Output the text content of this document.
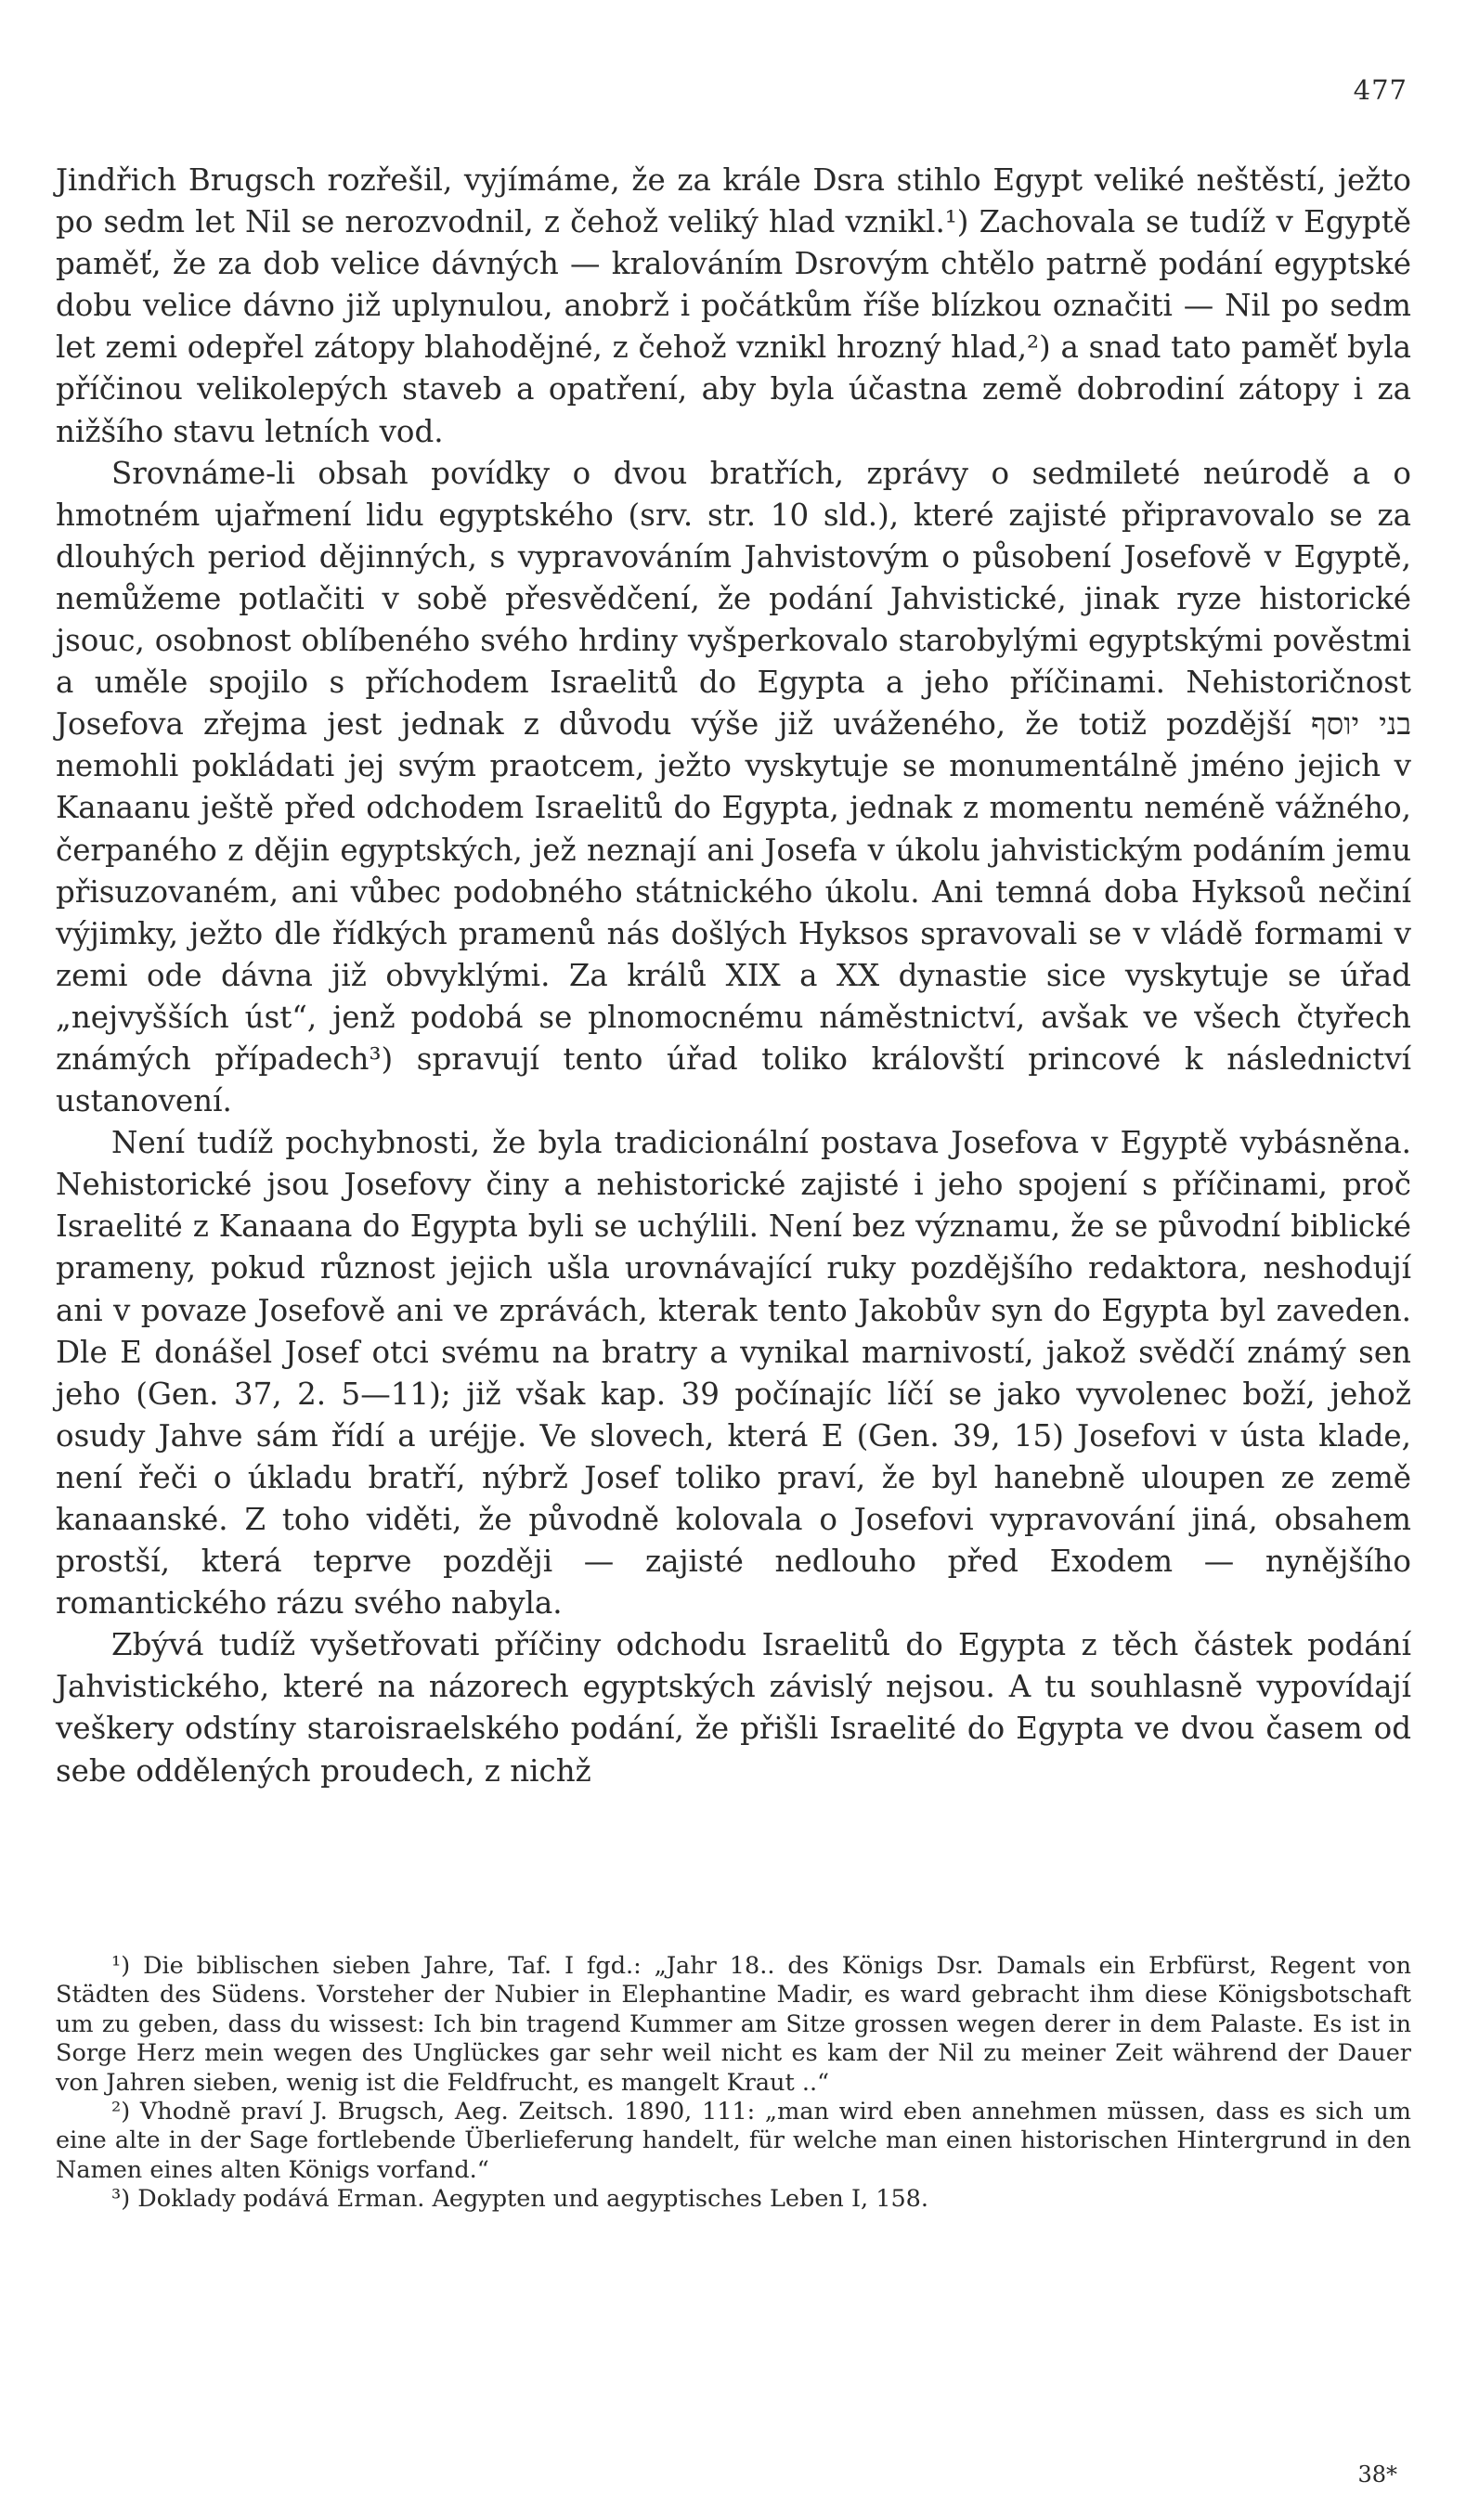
477

Jindřich Brugsch rozřešil, vyjímáme, že za krále Dsra stihlo Egypt veliké neštěstí, ježto po sedm let Nil se nerozvodnil, z čehož veliký hlad vznikl.¹) Zachovala se tudíž v Egyptě paměť, že za dob velice dávných — kralováním Dsrovým chtělo patrně podání egyptské dobu velice dávno již uplynulou, anobrž i počátkům říše blízkou označiti — Nil po sedm let zemi odepřel zátopy blahodějné, z čehož vznikl hrozný hlad,²) a snad tato paměť byla příčinou velikolepých staveb a opatření, aby byla účastna země dobrodiní zátopy i za nižšího stavu letních vod.

Srovnáme-li obsah povídky o dvou bratřích, zprávy o sedmileté neúrodě a o hmotném ujařmení lidu egyptského (srv. str. 10 sld.), které zajisté připravovalo se za dlouhých period dějinných, s vypravováním Jahvistovým o působení Josefově v Egyptě, nemůžeme potlačiti v sobě přesvědčení, že podání Jahvistické, jinak ryze historické jsouc, osobnost oblíbeného svého hrdiny vyšperkovalo starobylými egyptskými pověstmi a uměle spojilo s příchodem Israelitů do Egypta a jeho příčinami. Nehistoričnost Josefova zřejma jest jednak z důvodu výše již uváženého, že totiž pozdější בני יוסף nemohli pokládati jej svým praotcem, ježto vyskytuje se monumentálně jméno jejich v Kanaanu ještě před odchodem Israelitů do Egypta, jednak z momentu neméně vážného, čerpaného z dějin egyptských, jež neznají ani Josefa v úkolu jahvistickým podáním jemu přisuzovaném, ani vůbec podobného státnického úkolu. Ani temná doba Hyksoů nečiní výjimky, ježto dle řídkých pramenů nás došlých Hyksos spravovali se v vládě formami v zemi ode dávna již obvyklými. Za králů XIX a XX dynastie sice vyskytuje se úřad „nejvyšších úst“, jenž podobá se plnomocnému náměstnictví, avšak ve všech čtyřech známých případech³) spravují tento úřad toliko královští princové k následnictví ustanovení.

Není tudíž pochybnosti, že byla tradicionální postava Josefova v Egyptě vybásněna. Nehistorické jsou Josefovy činy a nehistorické zajisté i jeho spojení s příčinami, proč Israelité z Kanaana do Egypta byli se uchýlili. Není bez významu, že se původní biblické prameny, pokud různost jejich ušla urovnávající ruky pozdějšího redaktora, neshodují ani v povaze Josefově ani ve zprávách, kterak tento Jakobův syn do Egypta byl zaveden. Dle E donášel Josef otci svému na bratry a vynikal marnivostí, jakož svědčí známý sen jeho (Gen. 37, 2. 5—11); již však kap. 39 počínajíc líčí se jako vyvolenec boží, jehož osudy Jahve sám řídí a uréjje. Ve slovech, která E (Gen. 39, 15) Josefovi v ústa klade, není řeči o úkladu bratří, nýbrž Josef toliko praví, že byl hanebně uloupen ze země kanaanské. Z toho viděti, že původně kolovala o Josefovi vypravování jiná, obsahem prostší, která teprve později — zajisté nedlouho před Exodem — nynějšího romantického rázu svého nabyla.

Zbývá tudíž vyšetřovati příčiny odchodu Israelitů do Egypta z těch částek podání Jahvistického, které na názorech egyptských závislý nejsou. A tu souhlasně vypovídají veškery odstíny staroisraelského podání, že přišli Israelité do Egypta ve dvou časem od sebe oddělených proudech, z nichž

¹) Die biblischen sieben Jahre, Taf. I fgd.: „Jahr 18.. des Königs Dsr. Damals ein Erbfürst, Regent von Städten des Südens. Vorsteher der Nubier in Elephantine Madir, es ward gebracht ihm diese Königsbotschaft um zu geben, dass du wissest: Ich bin tragend Kummer am Sitze grossen wegen derer in dem Palaste. Es ist in Sorge Herz mein wegen des Unglückes gar sehr weil nicht es kam der Nil zu meiner Zeit während der Dauer von Jahren sieben, wenig ist die Feldfrucht, es mangelt Kraut ..“

²) Vhodně praví J. Brugsch, Aeg. Zeitsch. 1890, 111: „man wird eben annehmen müssen, dass es sich um eine alte in der Sage fortlebende Überlieferung handelt, für welche man einen historischen Hintergrund in den Namen eines alten Königs vorfand.“

³) Doklady podává Erman. Aegypten und aegyptisches Leben I, 158.

38*
